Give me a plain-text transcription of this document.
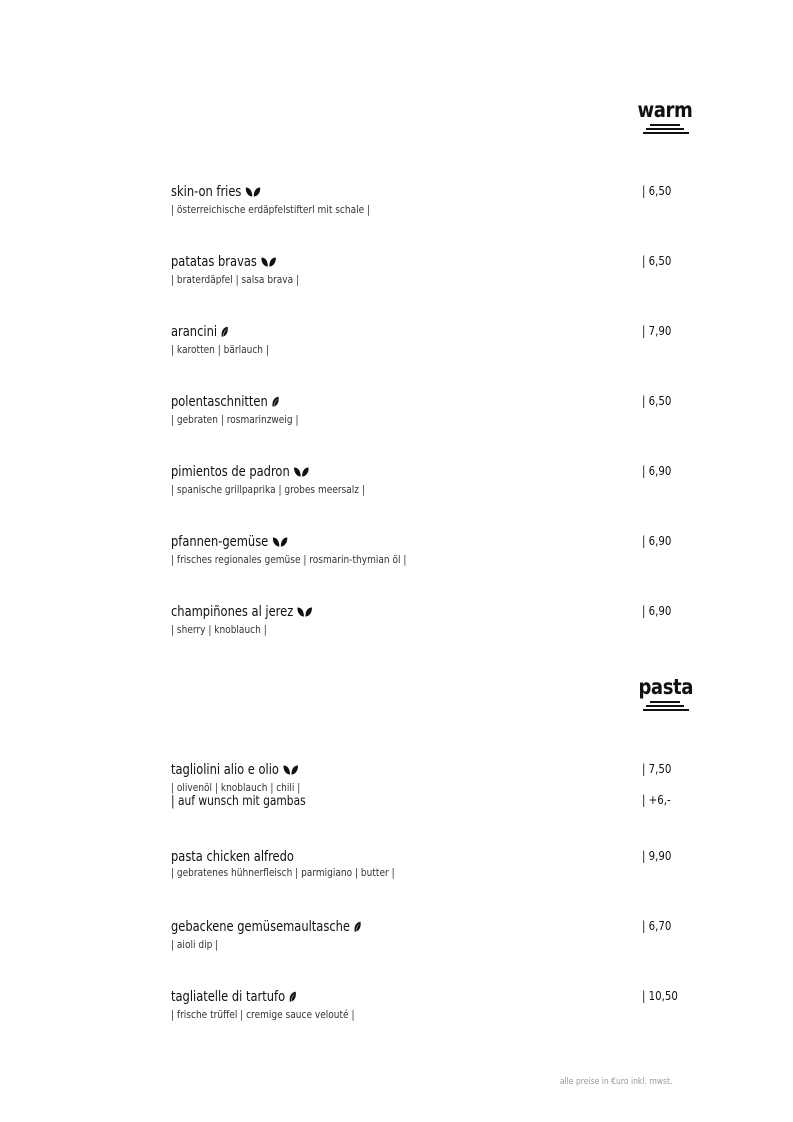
warm
skin-on fries
| österreichische erdäpfelstifterl mit schale |
| 6,50
patatas bravas
| braterdäpfel | salsa brava |
| 6,50
arancini
| karotten | bärlauch |
| 7,90
polentaschnitten
| gebraten | rosmarinzweig |
| 6,50
pimientos de padron
| spanische grillpaprika | grobes meersalz |
| 6,90
pfannen-gemüse
| frisches regionales gemüse | rosmarin-thymian öl |
| 6,90
champiñones al jerez
| sherry | knoblauch |
| 6,90
pasta
tagliolini alio e olio
| olivenöl | knoblauch | chili |
| auf wunsch mit gambas
| 7,50
| +6,-
pasta chicken alfredo
| gebratenes hühnerfleisch | parmigiano | butter |
| 9,90
gebackene gemüsemaultasche
| aioli dip |
| 6,70
tagliatelle di tartufo
| frische trüffel | cremige sauce velouté |
| 10,50
alle preise in €uro inkl. mwst.
